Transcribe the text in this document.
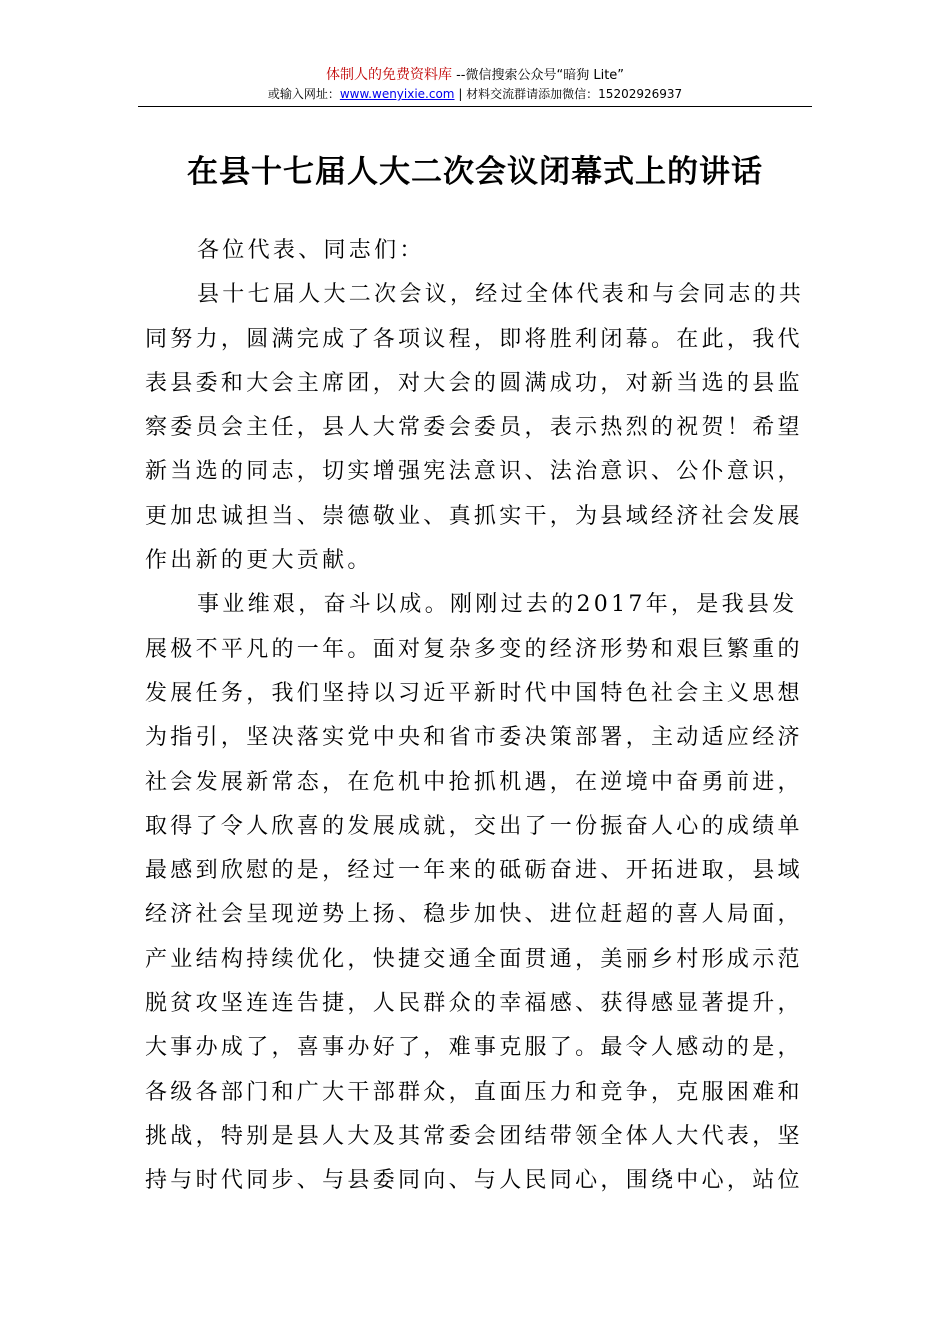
体制人的免费资料库 --微信搜索公众号“暗狗 Lite”
或输入网址：www.wenyixie.com | 材料交流群请添加微信：15202926937
在县十七届人大二次会议闭幕式上的讲话
各位代表、同志们：
县十七届人大二次会议，经过全体代表和与会同志的共
同努力，圆满完成了各项议程，即将胜利闭幕。在此，我代
表县委和大会主席团，对大会的圆满成功，对新当选的县监
察委员会主任，县人大常委会委员，表示热烈的祝贺！希望
新当选的同志，切实增强宪法意识、法治意识、公仆意识，
更加忠诚担当、崇德敬业、真抓实干，为县域经济社会发展
作出新的更大贡献。
事业维艰，奋斗以成。刚刚过去的2017年，是我县发
展极不平凡的一年。面对复杂多变的经济形势和艰巨繁重的
发展任务，我们坚持以习近平新时代中国特色社会主义思想
为指引，坚决落实党中央和省市委决策部署，主动适应经济
社会发展新常态，在危机中抢抓机遇，在逆境中奋勇前进，
取得了令人欣喜的发展成就，交出了一份振奋人心的成绩单
最感到欣慰的是，经过一年来的砥砺奋进、开拓进取，县域
经济社会呈现逆势上扬、稳步加快、进位赶超的喜人局面，
产业结构持续优化，快捷交通全面贯通，美丽乡村形成示范
脱贫攻坚连连告捷，人民群众的幸福感、获得感显著提升，
大事办成了，喜事办好了，难事克服了。最令人感动的是，
各级各部门和广大干部群众，直面压力和竞争，克服困难和
挑战，特别是县人大及其常委会团结带领全体人大代表，坚
持与时代同步、与县委同向、与人民同心，围绕中心，站位
